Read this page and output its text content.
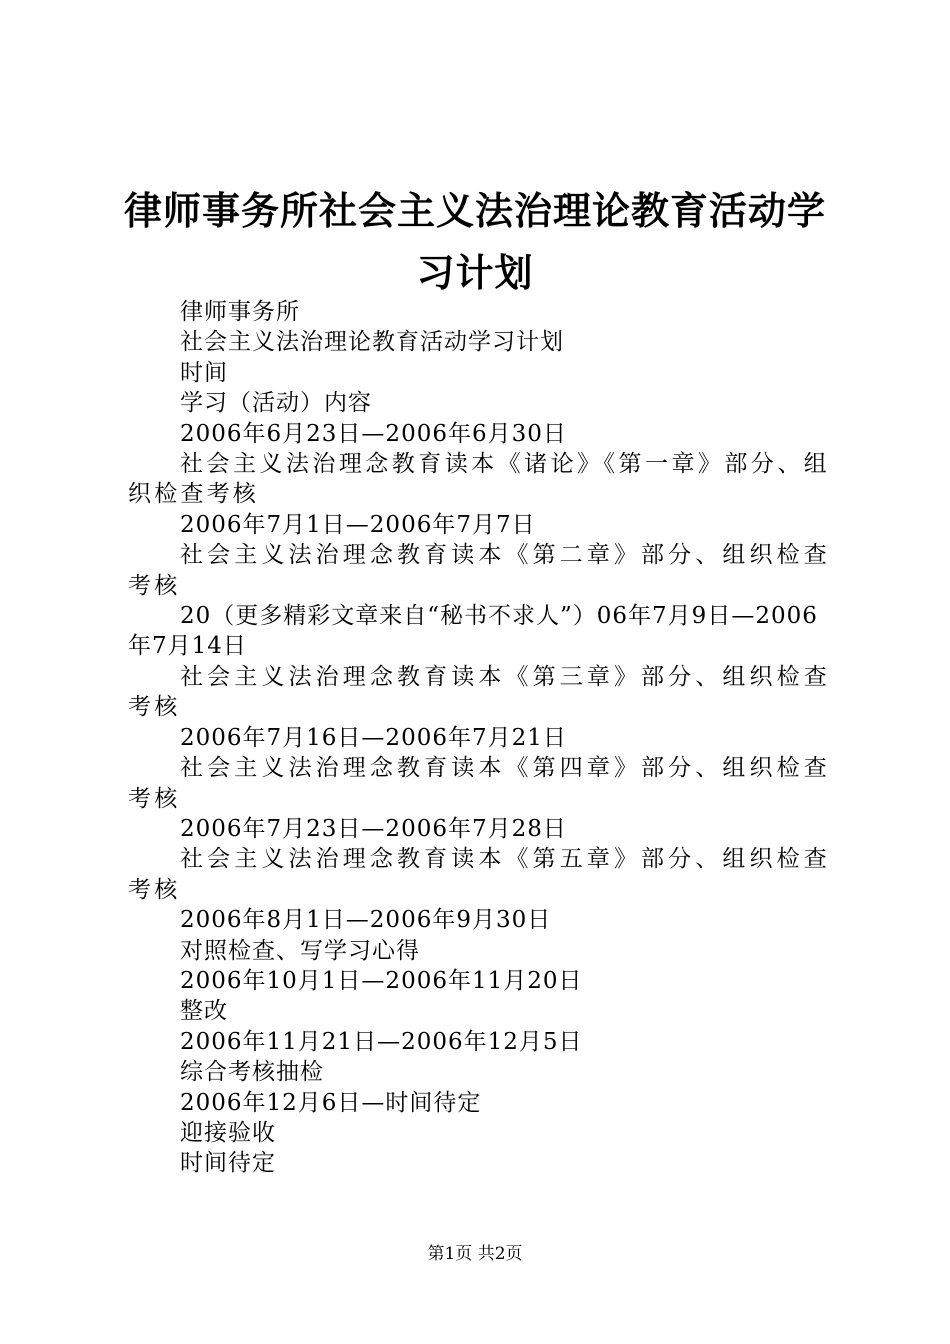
律师事务所社会主义法治理论教育活动学习计划

律师事务所

社会主义法治理论教育活动学习计划

时间

学习（活动）内容

2006年6月23日—2006年6月30日

社会主义法治理念教育读本《诸论》《第一章》部分、组织检查考核

2006年7月1日—2006年7月7日

社会主义法治理念教育读本《第二章》部分、组织检查考核

20（更多精彩文章来自“秘书不求人”）06年7月9日—2006年7月14日

社会主义法治理念教育读本《第三章》部分、组织检查考核

2006年7月16日—2006年7月21日

社会主义法治理念教育读本《第四章》部分、组织检查考核

2006年7月23日—2006年7月28日

社会主义法治理念教育读本《第五章》部分、组织检查考核

2006年8月1日—2006年9月30日

对照检查、写学习心得

2006年10月1日—2006年11月20日

整改

2006年11月21日—2006年12月5日

综合考核抽检

2006年12月6日—时间待定

迎接验收

时间待定

第1页 共2页
